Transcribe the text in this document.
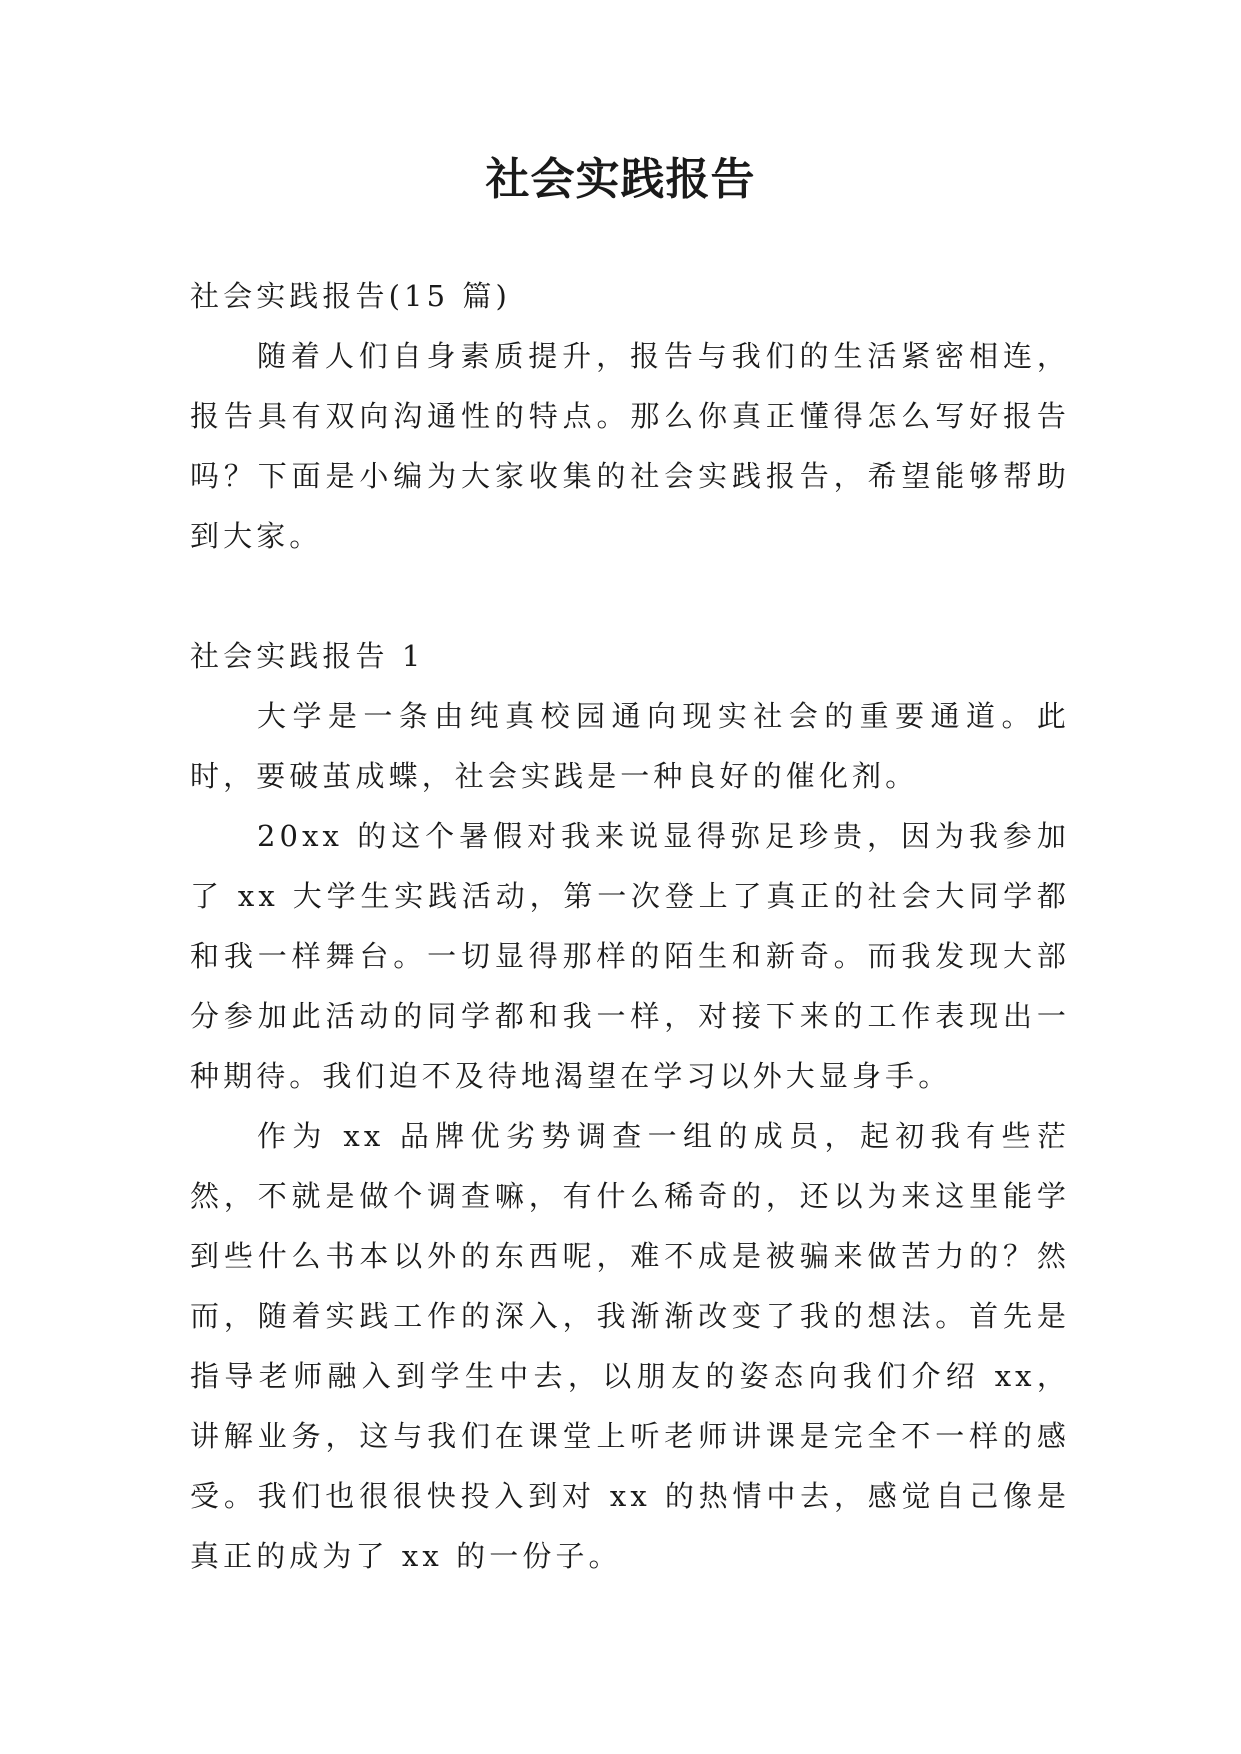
社会实践报告

社会实践报告(15 篇)

随着人们自身素质提升，报告与我们的生活紧密相连，报告具有双向沟通性的特点。那么你真正懂得怎么写好报告吗？下面是小编为大家收集的社会实践报告，希望能够帮助到大家。

社会实践报告 1

大学是一条由纯真校园通向现实社会的重要通道。此时，要破茧成蝶，社会实践是一种良好的催化剂。

20xx 的这个暑假对我来说显得弥足珍贵，因为我参加了 xx 大学生实践活动，第一次登上了真正的社会大同学都和我一样舞台。一切显得那样的陌生和新奇。而我发现大部分参加此活动的同学都和我一样，对接下来的工作表现出一种期待。我们迫不及待地渴望在学习以外大显身手。

作为 xx 品牌优劣势调查一组的成员，起初我有些茫然，不就是做个调查嘛，有什么稀奇的，还以为来这里能学到些什么书本以外的东西呢，难不成是被骗来做苦力的？然而，随着实践工作的深入，我渐渐改变了我的想法。首先是指导老师融入到学生中去，以朋友的姿态向我们介绍 xx，讲解业务，这与我们在课堂上听老师讲课是完全不一样的感受。我们也很很快投入到对 xx 的热情中去，感觉自己像是真正的成为了 xx 的一份子。
